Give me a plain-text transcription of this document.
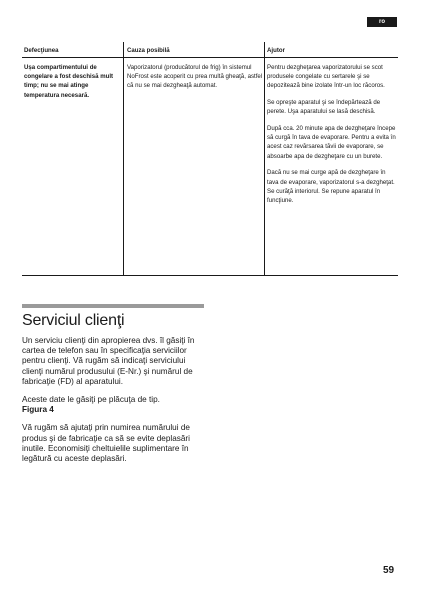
ro
Defecţiunea	Cauza posibilă	Ajutor
Ușa compartimentului de congelare a fost deschisă mult timp; nu se mai atinge temperatura necesară.
Vaporizatorul (producătorul de frig) în sistemul NoFrost este acoperit cu prea multă gheaţă, astfel că nu se mai dezgheaţă automat.

Pentru dezgheţarea vaporizatorului se scot produsele congelate cu sertarele şi se depozitează bine izolate într-un loc răcoros.

Se opreşte aparatul şi se îndepărtează de perete. Uşa aparatului se lasă deschisă.

După cca. 20 minute apa de dezgheţare începe să curgă în tava de evaporare. Pentru a evita în acest caz revărsarea tăvii de evaporare, se absoarbe apa de dezgheţare cu un burete.

Dacă nu se mai curge apă de dezgheţare în tava de evaporare, vaporizatorul s-a dezgheţat. Se curăţă interiorul. Se repune aparatul în funcţiune.

Serviciul clienţi

Un serviciu clienţi din apropierea dvs. îl găsiţi în cartea de telefon sau în specificaţia serviciilor pentru clienţi. Vă rugăm să indicaţi serviciului clienţi numărul produsului (E-Nr.) şi numărul de fabricaţie (FD) al aparatului.

Aceste date le găsiţi pe plăcuţa de tip.
Figura 4

Vă rugăm să ajutaţi prin numirea numărului de produs şi de fabricaţie ca să se evite deplasări inutile. Economisiţi cheltuielile suplimentare în legătură cu aceste deplasări.

59
